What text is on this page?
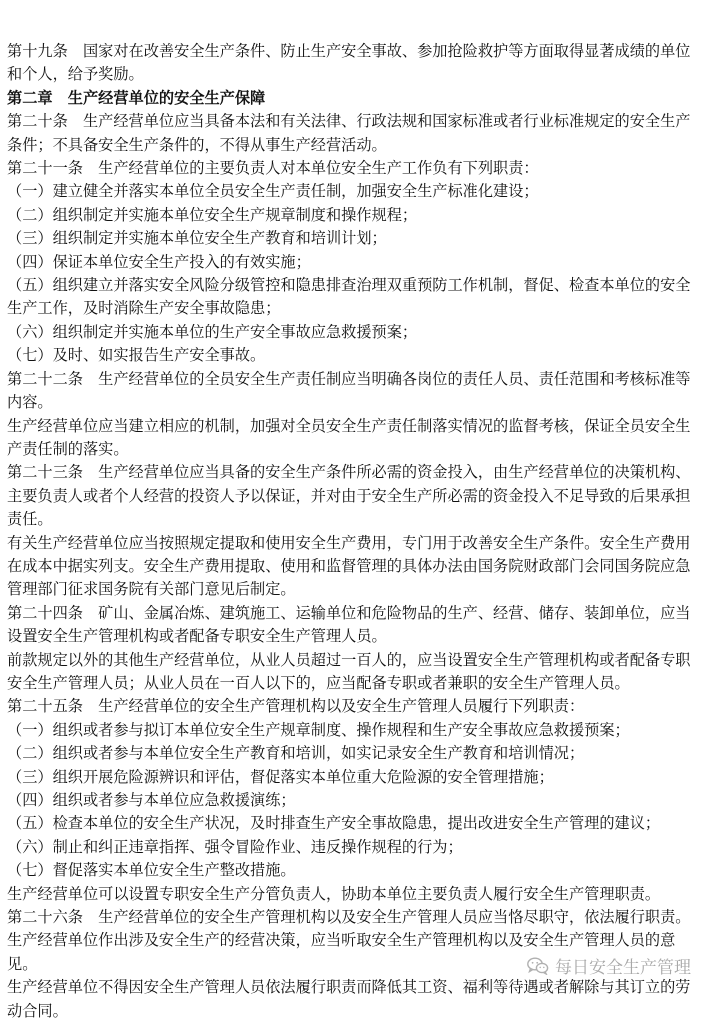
第十九条　国家对在改善安全生产条件、防止生产安全事故、参加抢险救护等方面取得显著成绩的单位和个人，给予奖励。

第二章　生产经营单位的安全生产保障

第二十条　生产经营单位应当具备本法和有关法律、行政法规和国家标准或者行业标准规定的安全生产条件；不具备安全生产条件的，不得从事生产经营活动。

第二十一条　生产经营单位的主要负责人对本单位安全生产工作负有下列职责：

（一）建立健全并落实本单位全员安全生产责任制，加强安全生产标准化建设；

（二）组织制定并实施本单位安全生产规章制度和操作规程；

（三）组织制定并实施本单位安全生产教育和培训计划；

（四）保证本单位安全生产投入的有效实施；

（五）组织建立并落实安全风险分级管控和隐患排查治理双重预防工作机制，督促、检查本单位的安全生产工作，及时消除生产安全事故隐患；

（六）组织制定并实施本单位的生产安全事故应急救援预案；

（七）及时、如实报告生产安全事故。

第二十二条　生产经营单位的全员安全生产责任制应当明确各岗位的责任人员、责任范围和考核标准等内容。

生产经营单位应当建立相应的机制，加强对全员安全生产责任制落实情况的监督考核，保证全员安全生产责任制的落实。

第二十三条　生产经营单位应当具备的安全生产条件所必需的资金投入，由生产经营单位的决策机构、主要负责人或者个人经营的投资人予以保证，并对由于安全生产所必需的资金投入不足导致的后果承担责任。

有关生产经营单位应当按照规定提取和使用安全生产费用，专门用于改善安全生产条件。安全生产费用在成本中据实列支。安全生产费用提取、使用和监督管理的具体办法由国务院财政部门会同国务院应急管理部门征求国务院有关部门意见后制定。

第二十四条　矿山、金属冶炼、建筑施工、运输单位和危险物品的生产、经营、储存、装卸单位，应当设置安全生产管理机构或者配备专职安全生产管理人员。

前款规定以外的其他生产经营单位，从业人员超过一百人的，应当设置安全生产管理机构或者配备专职安全生产管理人员；从业人员在一百人以下的，应当配备专职或者兼职的安全生产管理人员。

第二十五条　生产经营单位的安全生产管理机构以及安全生产管理人员履行下列职责：

（一）组织或者参与拟订本单位安全生产规章制度、操作规程和生产安全事故应急救援预案；

（二）组织或者参与本单位安全生产教育和培训，如实记录安全生产教育和培训情况；

（三）组织开展危险源辨识和评估，督促落实本单位重大危险源的安全管理措施；

（四）组织或者参与本单位应急救援演练；

（五）检查本单位的安全生产状况，及时排查生产安全事故隐患，提出改进安全生产管理的建议；

（六）制止和纠正违章指挥、强令冒险作业、违反操作规程的行为；

（七）督促落实本单位安全生产整改措施。

生产经营单位可以设置专职安全生产分管负责人，协助本单位主要负责人履行安全生产管理职责。

第二十六条　生产经营单位的安全生产管理机构以及安全生产管理人员应当恪尽职守，依法履行职责。

生产经营单位作出涉及安全生产的经营决策，应当听取安全生产管理机构以及安全生产管理人员的意见。

生产经营单位不得因安全生产管理人员依法履行职责而降低其工资、福利等待遇或者解除与其订立的劳动合同。

每日安全生产管理
